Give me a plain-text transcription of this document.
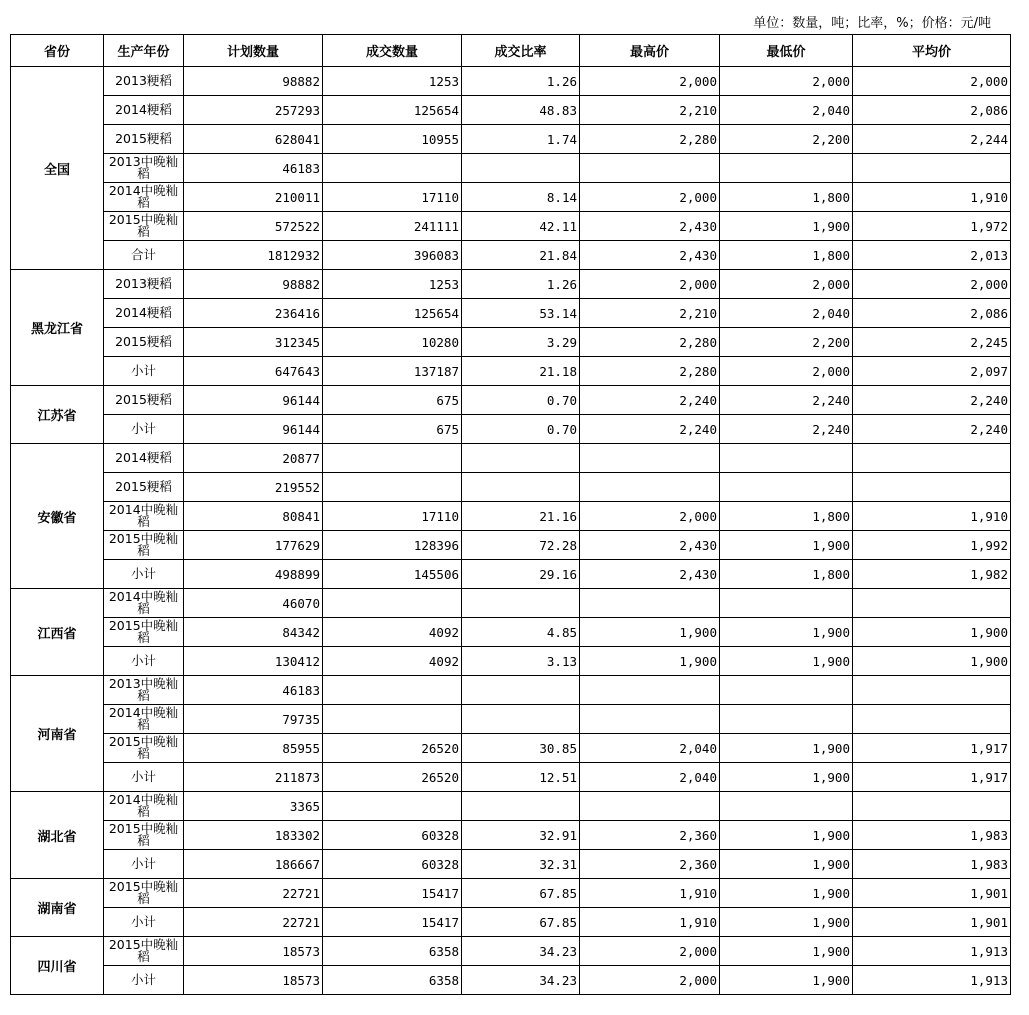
单位：数量，吨；比率，%；价格：元/吨
省份	生产年份	计划数量	成交数量	成交比率	最高价	最低价	平均价
全国	2013粳稻	98882	1253	1.26	2,000	2,000	2,000
	2014粳稻	257293	125654	48.83	2,210	2,040	2,086
	2015粳稻	628041	10955	1.74	2,280	2,200	2,244
	2013中晚籼稻	46183					
	2014中晚籼稻	210011	17110	8.14	2,000	1,800	1,910
	2015中晚籼稻	572522	241111	42.11	2,430	1,900	1,972
	合计	1812932	396083	21.84	2,430	1,800	2,013
黑龙江省	2013粳稻	98882	1253	1.26	2,000	2,000	2,000
	2014粳稻	236416	125654	53.14	2,210	2,040	2,086
	2015粳稻	312345	10280	3.29	2,280	2,200	2,245
	小计	647643	137187	21.18	2,280	2,000	2,097
江苏省	2015粳稻	96144	675	0.70	2,240	2,240	2,240
	小计	96144	675	0.70	2,240	2,240	2,240
安徽省	2014粳稻	20877					
	2015粳稻	219552					
	2014中晚籼稻	80841	17110	21.16	2,000	1,800	1,910
	2015中晚籼稻	177629	128396	72.28	2,430	1,900	1,992
	小计	498899	145506	29.16	2,430	1,800	1,982
江西省	2014中晚籼稻	46070					
	2015中晚籼稻	84342	4092	4.85	1,900	1,900	1,900
	小计	130412	4092	3.13	1,900	1,900	1,900
河南省	2013中晚籼稻	46183					
	2014中晚籼稻	79735					
	2015中晚籼稻	85955	26520	30.85	2,040	1,900	1,917
	小计	211873	26520	12.51	2,040	1,900	1,917
湖北省	2014中晚籼稻	3365					
	2015中晚籼稻	183302	60328	32.91	2,360	1,900	1,983
	小计	186667	60328	32.31	2,360	1,900	1,983
湖南省	2015中晚籼稻	22721	15417	67.85	1,910	1,900	1,901
	小计	22721	15417	67.85	1,910	1,900	1,901
四川省	2015中晚籼稻	18573	6358	34.23	2,000	1,900	1,913
	小计	18573	6358	34.23	2,000	1,900	1,913
